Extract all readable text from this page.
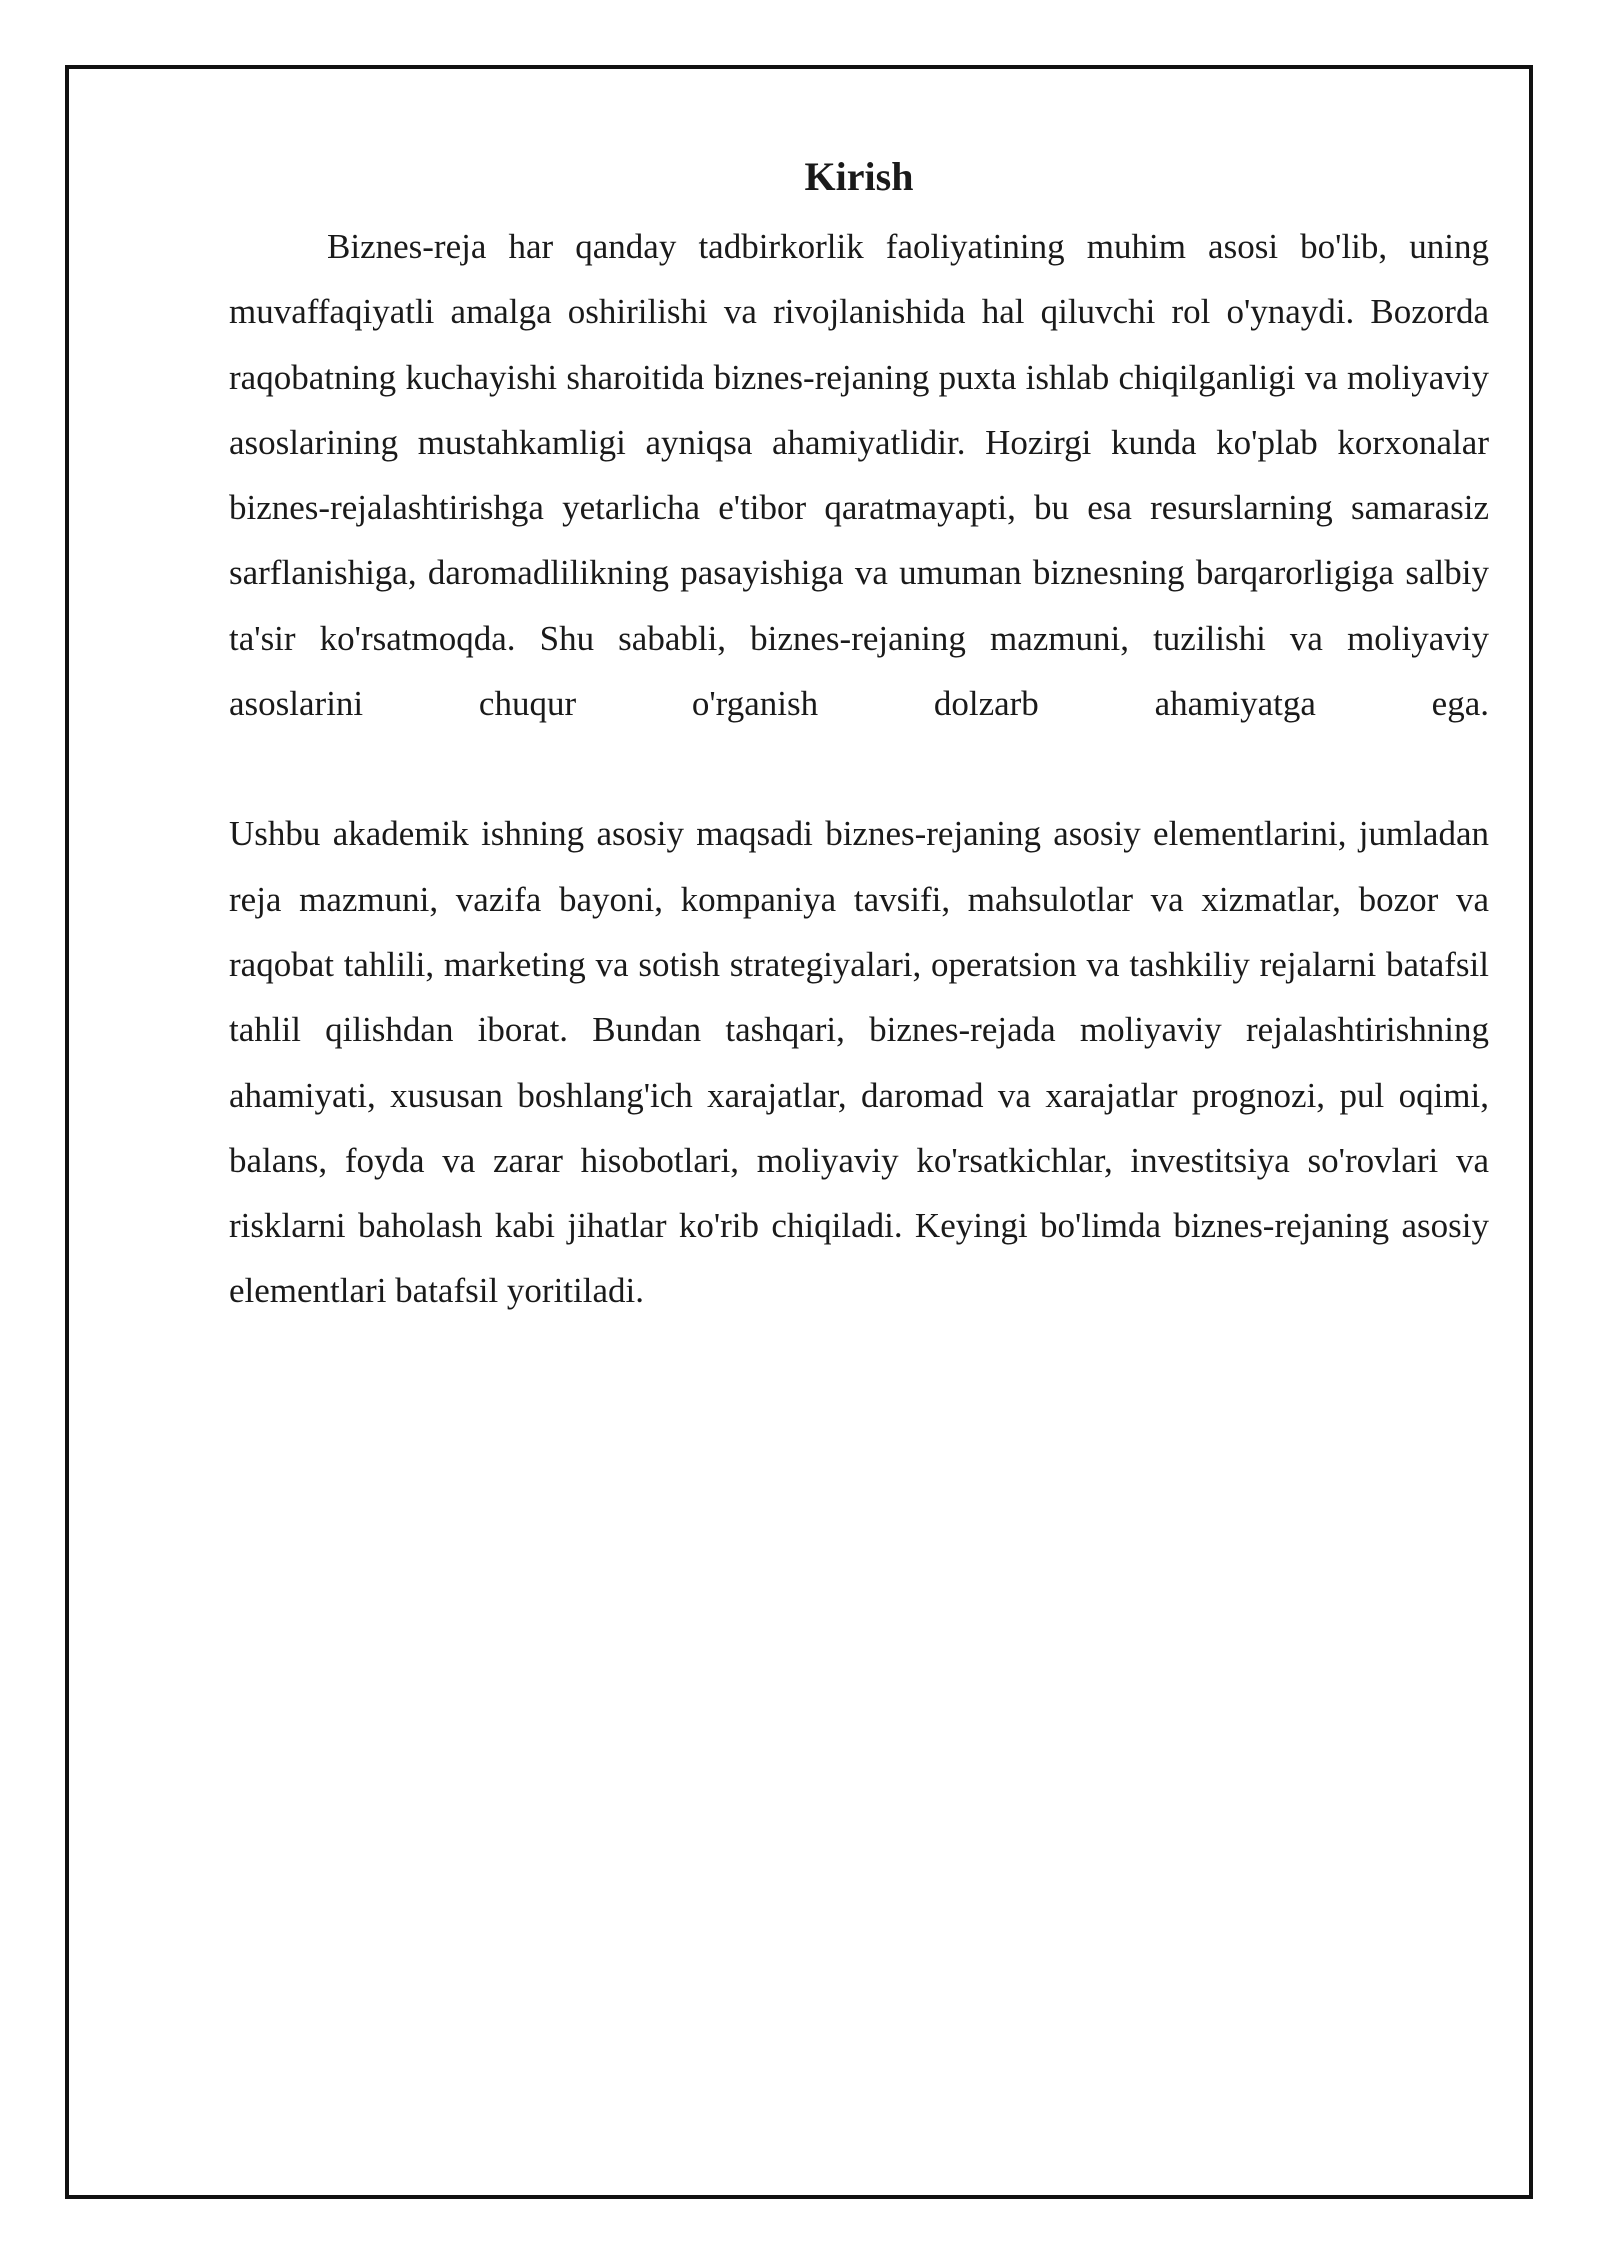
Kirish

Biznes-reja har qanday tadbirkorlik faoliyatining muhim asosi bo'lib, uning muvaffaqiyatli amalga oshirilishi va rivojlanishida hal qiluvchi rol o'ynaydi. Bozorda raqobatning kuchayishi sharoitida biznes-rejaning puxta ishlab chiqilganligi va moliyaviy asoslarining mustahkamligi ayniqsa ahamiyatlidir. Hozirgi kunda ko'plab korxonalar biznes-rejalashtirishga yetarlicha e'tibor qaratmayapti, bu esa resurslarning samarasiz sarflanishiga, daromadlilikning pasayishiga va umuman biznesning barqarorligiga salbiy ta'sir ko'rsatmoqda. Shu sababli, biznes-rejaning mazmuni, tuzilishi va moliyaviy asoslarini chuqur o'rganish dolzarb ahamiyatga ega.

Ushbu akademik ishning asosiy maqsadi biznes-rejaning asosiy elementlarini, jumladan reja mazmuni, vazifa bayoni, kompaniya tavsifi, mahsulotlar va xizmatlar, bozor va raqobat tahlili, marketing va sotish strategiyalari, operatsion va tashkiliy rejalarni batafsil tahlil qilishdan iborat. Bundan tashqari, biznes-rejada moliyaviy rejalashtirishning ahamiyati, xususan boshlang'ich xarajatlar, daromad va xarajatlar prognozi, pul oqimi, balans, foyda va zarar hisobotlari, moliyaviy ko'rsatkichlar, investitsiya so'rovlari va risklarni baholash kabi jihatlar ko'rib chiqiladi. Keyingi bo'limda biznes-rejaning asosiy elementlari batafsil yoritiladi.
